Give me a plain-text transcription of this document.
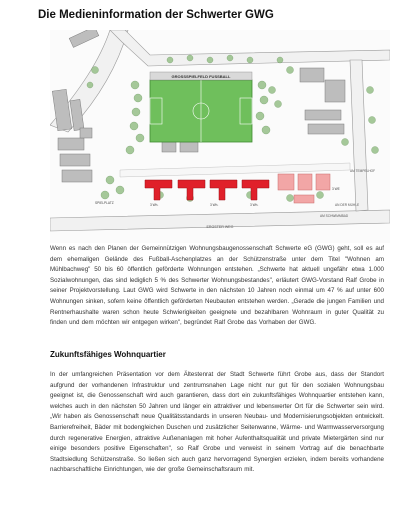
Die Medieninformation der Schwerter GWG
GROSSSPIELFELD FUSSBALL
ERGSTER WEG
AM TEMPELHOF
AN DER MÜHLE
AM SCHWIMMBAD
3 Wh.	3 Wh.	3 Wh.
3 WE
SPIELPLATZ

Wenn es nach den Planen der Gemeinnützigen Wohnungsbaugenossenschaft Schwerte eG (GWG) geht, soll es auf dem ehemaligen Gelände des Fußball-Aschenplatzes an der Schützenstraße unter dem Titel "Wohnen am Mühlbachweg" 50 bis 60 öffentlich geförderte Wohnungen entstehen. „Schwerte hat aktuell ungefähr etwa 1.000 Sozialwohnungen, das sind lediglich 5 % des Schwerter Wohnungsbestandes", erläutert GWG-Vorstand Ralf Grobe in seiner Projektvorstellung. Laut GWG wird Schwerte in den nächsten 10 Jahren noch einmal um 47 % auf unter 600 Wohnungen sinken, sofern keine öffentlich geförderten Neubauten entstehen werden. „Gerade die jungen Familien und Rentnerhaushalte waren schon heute Schwierigkeiten geeignete und bezahlbaren Wohnraum in guter Qualität zu finden und dem möchten wir entgegen wirken", begründet Ralf Grobe das Vorhaben der GWG.

Zukunftsfähiges Wohnquartier

In der umfangreichen Präsentation vor dem Ältestenrat der Stadt Schwerte führt Grobe aus, dass der Standort aufgrund der vorhandenen Infrastruktur und zentrumsnahen Lage nicht nur gut für den sozialen Wohnungsbau geeignet ist, die Genossenschaft wird auch garantieren, dass dort ein zukunftsfähiges Wohnquartier entstehen kann, welches auch in den nächsten 50 Jahren und länger ein attraktiver und lebenswerter Ort für die Schwerter sein wird. „Wir haben als Genossenschaft neue Qualitätsstandards in unseren Neubau- und Modernisierungsobjekten entwickelt. Barrierefreiheit, Bäder mit bodengleichen Duschen und zusätzlicher Seitenwanne, Wärme- und Warmwasserversorgung durch regenerative Energien, attraktive Außenanlagen mit hoher Aufenthaltsqualität und private Mietergärten sind nur einige besonders positive Eigenschaften", so Ralf Grobe und verweist in seinem Vortrag auf die benachbarte Stadtsiedlung Schützenstraße. So ließen sich auch ganz hervorragend Synergien erzielen, indem bereits vorhandene nachbarschaftliche Einrichtungen, wie der große Gemeinschaftsraum mit.
